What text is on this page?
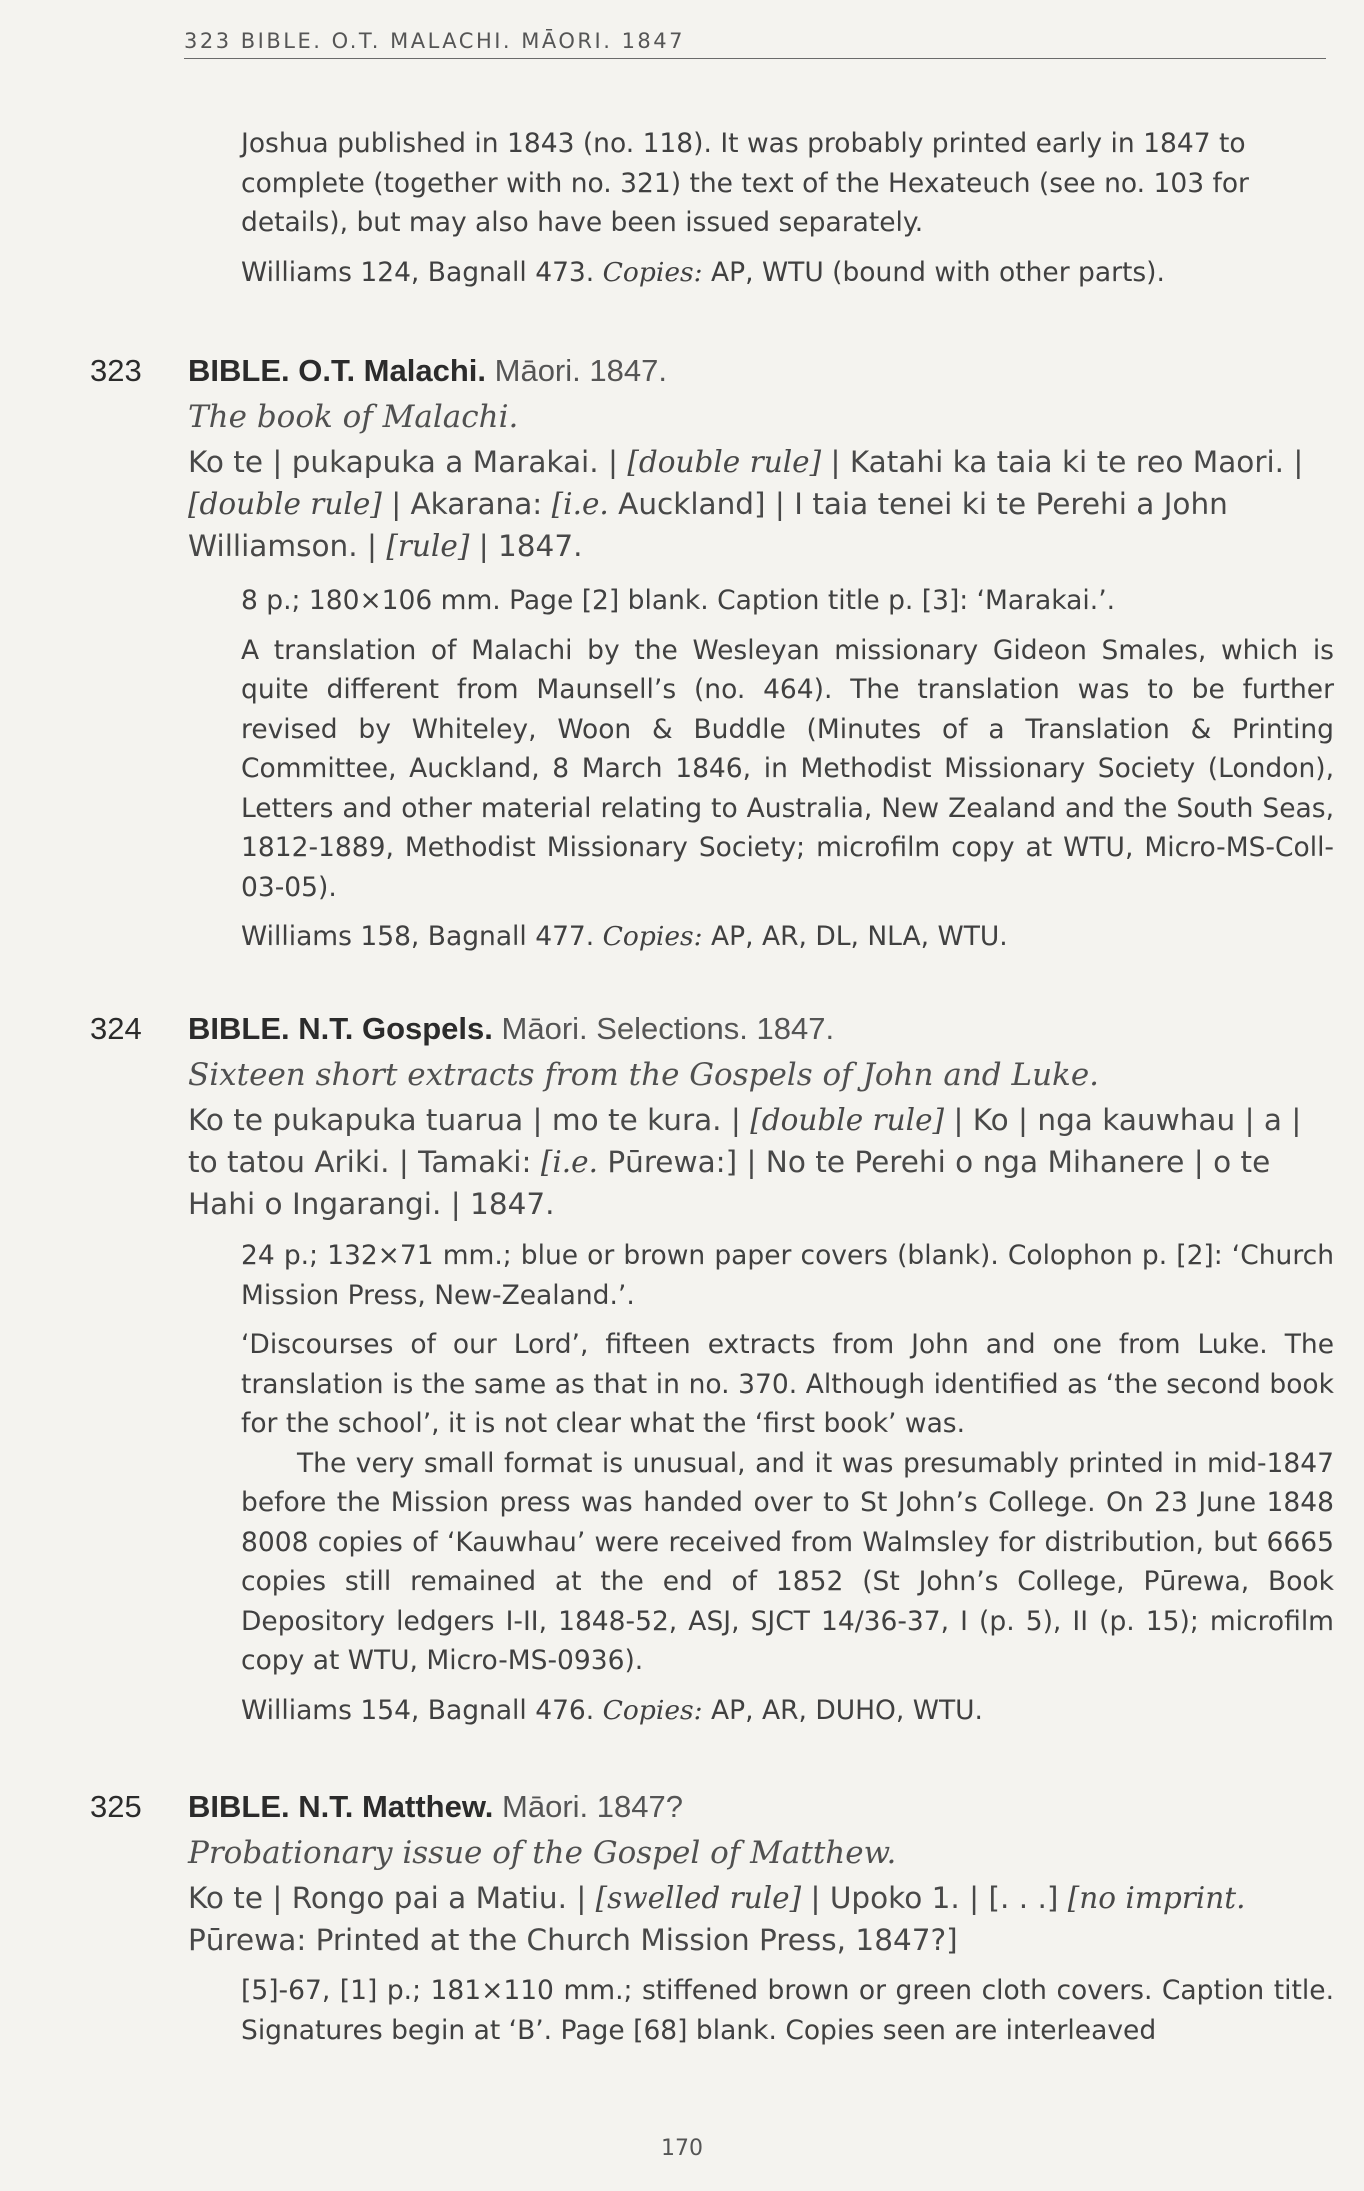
323 BIBLE. O.T. MALACHI. MĀORI. 1847
Joshua published in 1843 (no. 118). It was probably printed early in 1847 to complete (together with no. 321) the text of the Hexateuch (see no. 103 for details), but may also have been issued separately.
Williams 124, Bagnall 473. Copies: AP, WTU (bound with other parts).
323 BIBLE. O.T. Malachi. Māori. 1847.
The book of Malachi.
Ko te | pukapuka a Marakai. | [double rule] | Katahi ka taia ki te reo Maori. | [double rule] | Akarana: [i.e. Auckland] | I taia tenei ki te Perehi a John Williamson. | [rule] | 1847.

8 p.; 180×106 mm. Page [2] blank. Caption title p. [3]: ‘Marakai.’.

A translation of Malachi by the Wesleyan missionary Gideon Smales, which is quite different from Maunsell’s (no. 464). The translation was to be further revised by Whiteley, Woon & Buddle (Minutes of a Translation & Printing Committee, Auckland, 8 March 1846, in Methodist Missionary Society (London), Letters and other material relating to Australia, New Zealand and the South Seas, 1812-1889, Methodist Missionary Society; microfilm copy at WTU, Micro-MS-Coll-03-05).

Williams 158, Bagnall 477. Copies: AP, AR, DL, NLA, WTU.

324 BIBLE. N.T. Gospels. Māori. Selections. 1847.
Sixteen short extracts from the Gospels of John and Luke.
Ko te pukapuka tuarua | mo te kura. | [double rule] | Ko | nga kauwhau | a | to tatou Ariki. | Tamaki: [i.e. Pūrewa:] | No te Perehi o nga Mihanere | o te Hahi o Ingarangi. | 1847.

24 p.; 132×71 mm.; blue or brown paper covers (blank). Colophon p. [2]: ‘Church Mission Press, New-Zealand.’.

‘Discourses of our Lord’, fifteen extracts from John and one from Luke. The translation is the same as that in no. 370. Although identified as ‘the second book for the school’, it is not clear what the ‘first book’ was.

The very small format is unusual, and it was presumably printed in mid-1847 before the Mission press was handed over to St John’s College. On 23 June 1848 8008 copies of ‘Kauwhau’ were received from Walmsley for distribution, but 6665 copies still remained at the end of 1852 (St John’s College, Pūrewa, Book Depository ledgers I-II, 1848-52, ASJ, SJCT 14/36-37, I (p. 5), II (p. 15); microfilm copy at WTU, Micro-MS-0936).

Williams 154, Bagnall 476. Copies: AP, AR, DUHO, WTU.

325 BIBLE. N.T. Matthew. Māori. 1847?
Probationary issue of the Gospel of Matthew.
Ko te | Rongo pai a Matiu. | [swelled rule] | Upoko 1. | [. . .] [no imprint. Pūrewa: Printed at the Church Mission Press, 1847?]

[5]-67, [1] p.; 181×110 mm.; stiffened brown or green cloth covers. Caption title. Signatures begin at ‘B’. Page [68] blank. Copies seen are interleaved

170
